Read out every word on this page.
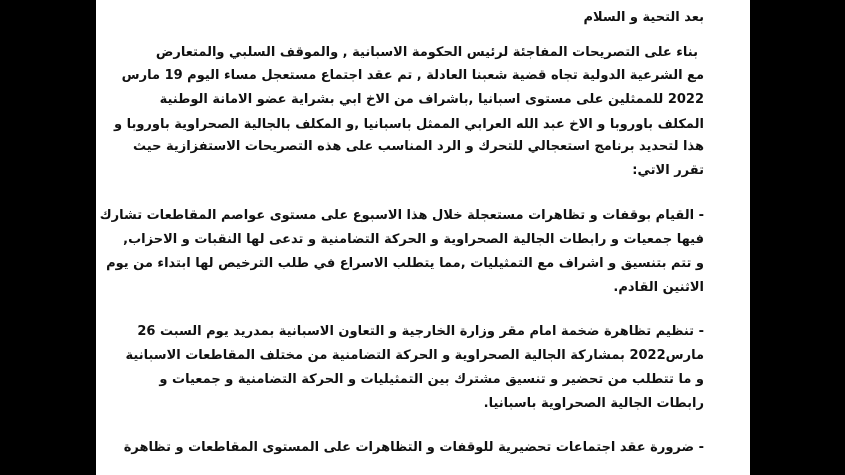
بعد التحية و السلام
بناء على التصريحات المفاجئة لرئيس الحكومة الاسبانية , والموقف السلبي والمتعارض
مع الشرعية الدولية تجاه قضية شعبنا العادلة , تم عقد اجتماع مستعجل مساء اليوم 19 مارس
2022 للممثلين على مستوى اسبانيا ,باشراف من الاخ ابي بشراية عضو الامانة الوطنية
المكلف باوروبا و الاخ عبد الله العرابي الممثل باسبانيا ,و المكلف بالجالية الصحراوية باوروبا و
هذا لتحديد برنامج استعجالي للتحرك و الرد المناسب على هذه التصريحات الاستفزازية حيث
تقرر الاتي:
- القيام بوقفات و تظاهرات مستعجلة خلال هذا الاسبوع على مستوى عواصم المقاطعات تشارك
فيها جمعيات و رابطات الجالية الصحراوية و الحركة التضامنية و تدعى لها النقبات و الاحزاب,
و تتم بتنسيق و اشراف مع التمثيليات ,مما يتطلب الاسراع في طلب الترخيص لها ابتداء من يوم
الاثنين القادم.
- تنظيم تظاهرة ضخمة امام مقر وزارة الخارجية و التعاون الاسبانية بمدريد يوم السبت 26
مارس2022 بمشاركة الجالية الصحراوية و الحركة التضامنية من مختلف المقاطعات الاسبانية
و ما تتطلب من تحضير و تنسيق مشترك بين التمثيليات و الحركة التضامنية و جمعيات و
رابطات الجالية الصحراوية باسبانيا.
- ضرورة عقد اجتماعات تحضيرية للوقفات و التظاهرات على المستوى المقاطعات و تظاهرة
